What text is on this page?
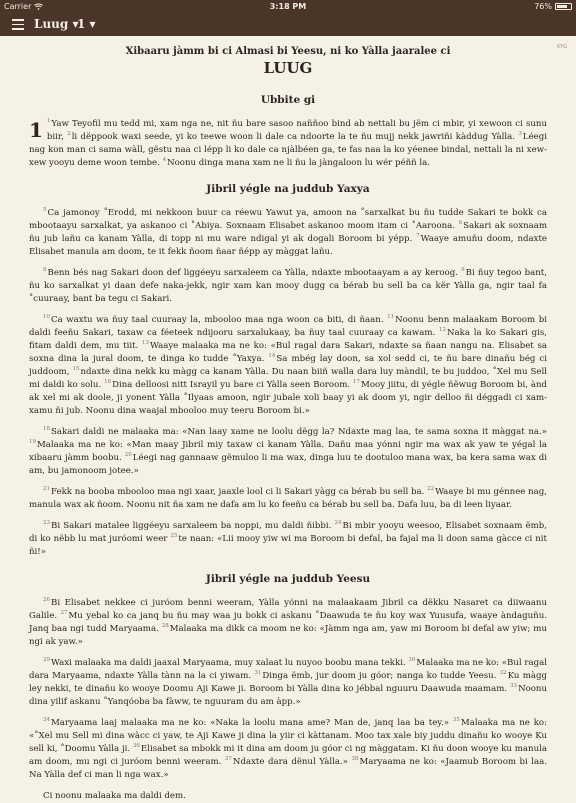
Carrier	3:18 PM	76%
Luug ▾
1 ▾
KYG
Xibaaru jàmm bi ci Almasi bi Yeesu, ni ko Yàlla jaaralee ci
LUUG
Ubbite gi

1 $^1$Yaw Teyofil mu tedd mi, xam nga ne, nit ñu bare sasoo naññoo bind ab nettali bu jëm ci mbir, yi xewoon ci sunu biir, $^2$li dëppook waxi seede, yi ko teewe woon li dale ca ndoorte la te ñu mujj nekk jawriñi kàddug Yàlla. $^3$Léegi nag kon man ci sama wàll, gëstu naa ci lépp li ko dale ca njàlbéen ga, te fas naa la ko yéenee bindal, nettali la ni xew-xew yooyu deme woon tembe. $^4$Noonu dinga mana xam ne li ñu la jàngaloon lu wér péññ la.

Jibril yégle na juddub Yaxya

$^5$Ca jamonoy ˚Erodd, mi nekkoon buur ca réewu Yawut ya, amoon na ˚sarxalkat bu ñu tudde Sakari te bokk ca mbootaayu sarxalkat, ya askanoo ci ˚Abiya. Soxnaam Elisabet askanoo moom itam ci ˚Aaroona. $^6$Sakari ak soxnaam ñu jub lañu ca kanam Yàlla, di topp ni mu ware ndigal yi ak dogali Boroom bi yépp. $^7$Waaye amuñu doom, ndaxte Elisabet manula am doom, te it fekk ñoom ñaar ñépp ay màggat lañu.

$^8$Benn bés nag Sakari doon def liggéeyu sarxaleem ca Yàlla, ndaxte mbootaayam a ay keroog. $^9$Bi ñuy tegoo bant, ñu ko sarxalkat yi daan defe naka-jekk, ngir xam kan mooy dugg ca bérab bu sell ba ca kër Yàlla ga, ngir taal fa ˚cuuraay, bant ba tegu ci Sakari.

$^{10}$Ca waxtu wa ñuy taal cuuraay la, mbooloo maa nga woon ca biti, di ñaan. $^{11}$Noonu benn malaakam Boroom bi daldi feeñu Sakari, taxaw ca féeteek ndijooru sarxalukaay, ba ñuy taal cuuraay ca kawam. $^{12}$Naka la ko Sakari gis, fitam daldi dem, mu tiit. $^{13}$Waaye malaaka ma ne ko: «Bul ragal dara Sakari, ndaxte sa ñaan nangu na. Elisabet sa soxna dina la jural doom, te dinga ko tudde ˚Yaxya. $^{14}$Sa mbég lay doon, sa xol sedd ci, te ñu bare dinañu bég ci juddoom, $^{15}$ndaxte dina nekk ku màgg ca kanam Yàlla. Du naan biiñ walla dara luy màndil, te bu juddoo, ˚Xel mu Sell mi daldi ko solu. $^{16}$Dina delloosi nitt Israyil yu bare ci Yàlla seen Boroom. $^{17}$Mooy jiitu, di yégle ñëwug Boroom bi, ànd ak xel mi ak doole, ji yonent Yàlla ˚Ilyaas amoon, ngir jubale xoli baay yi ak doom yi, ngir delloo ñi déggadi ci xam-xamu ñi jub. Noonu dina waajal mbooloo muy teeru Boroom bi.»

$^{18}$Sakari daldi ne malaaka ma: «Nan laay xame ne loolu dëgg la? Ndaxte mag laa, te sama soxna it màggat na.» $^{19}$Malaaka ma ne ko: «Man maay Jibril miy taxaw ci kanam Yàlla. Dañu maa yónni ngir ma wax ak yaw te yégal la xibaaru jàmm boobu. $^{20}$Léegi nag gannaaw gëmuloo li ma wax, dinga luu te dootuloo mana wax, ba kera sama wax di am, bu jamonoom jotee.»

$^{21}$Fekk na booba mbooloo maa ngi xaar, jaaxle lool ci li Sakari yàgg ca bérab bu sell ba. $^{22}$Waaye bi mu génnee nag, manula wax ak ñoom. Noonu nit ña xam ne dafa am lu ko feeñu ca bérab bu sell ba. Dafa luu, ba di leen liyaar.

$^{23}$Bi Sakari matalee liggéeyu sarxaleem ba noppi, mu daldi ñibbi. $^{24}$Bi mbir yooyu weesoo, Elisabet soxnaam ëmb, di ko nëbb lu mat juróomi weer $^{25}$te naan: «Lii mooy yiw wi ma Boroom bi defal, ba fajal ma li doon sama gàcce ci nit ñi!»

Jibril yégle na juddub Yeesu

$^{26}$Bi Elisabet nekkee ci juróom benni weeram, Yàlla yónni na malaakaam Jibril ca dëkku Nasaret ca diiwaanu Galile. $^{27}$Mu yebal ko ca janq bu ñu may waa ju bokk ci askanu ˚Daawuda te ñu koy wax Yuusufa, waaye àndaguñu. Janq baa ngi tudd Maryaama. $^{28}$Malaaka ma dikk ca moom ne ko: «Jàmm nga am, yaw mi Boroom bi defal aw yiw; mu ngi ak yaw.»

$^{29}$Waxi malaaka ma daldi jaaxal Maryaama, muy xalaat lu nuyoo boobu mana tekki. $^{30}$Malaaka ma ne ko: «Bul ragal dara Maryaama, ndaxte Yàlla tànn na la ci yiwam. $^{31}$Dinga ëmb, jur doom ju góor; nanga ko tudde Yeesu. $^{32}$Ku màgg ley nekki, te dinañu ko wooye Doomu Aji Kawe ji. Boroom bi Yàlla dina ko jébbal nguuru Daawuda maamam. $^{33}$Noonu dina yilif askanu ˚Yanqóoba ba fàww, te nguuram du am àpp.»

$^{34}$Maryaama laaj malaaka ma ne ko: «Naka la loolu mana ame? Man de, janq laa ba tey.» $^{35}$Malaaka ma ne ko: «˚Xel mu Sell mi dina wàcc ci yaw, te Aji Kawe ji dina la yiir ci kàttanam. Moo tax xale biy juddu dinañu ko wooye Ku sell ki, ˚Doomu Yàlla ji. $^{36}$Elisabet sa mbokk mi it dina am doom ju góor ci ng màggatam. Ki ñu doon wooye ku manula am doom, mu ngi ci juróom benni weeram. $^{37}$Ndaxte dara dënul Yàlla.» $^{38}$Maryaama ne ko: «Jaamub Boroom bi laa. Na Yàlla def ci man li nga wax.»

Ci noonu malaaka ma daldi dem.
